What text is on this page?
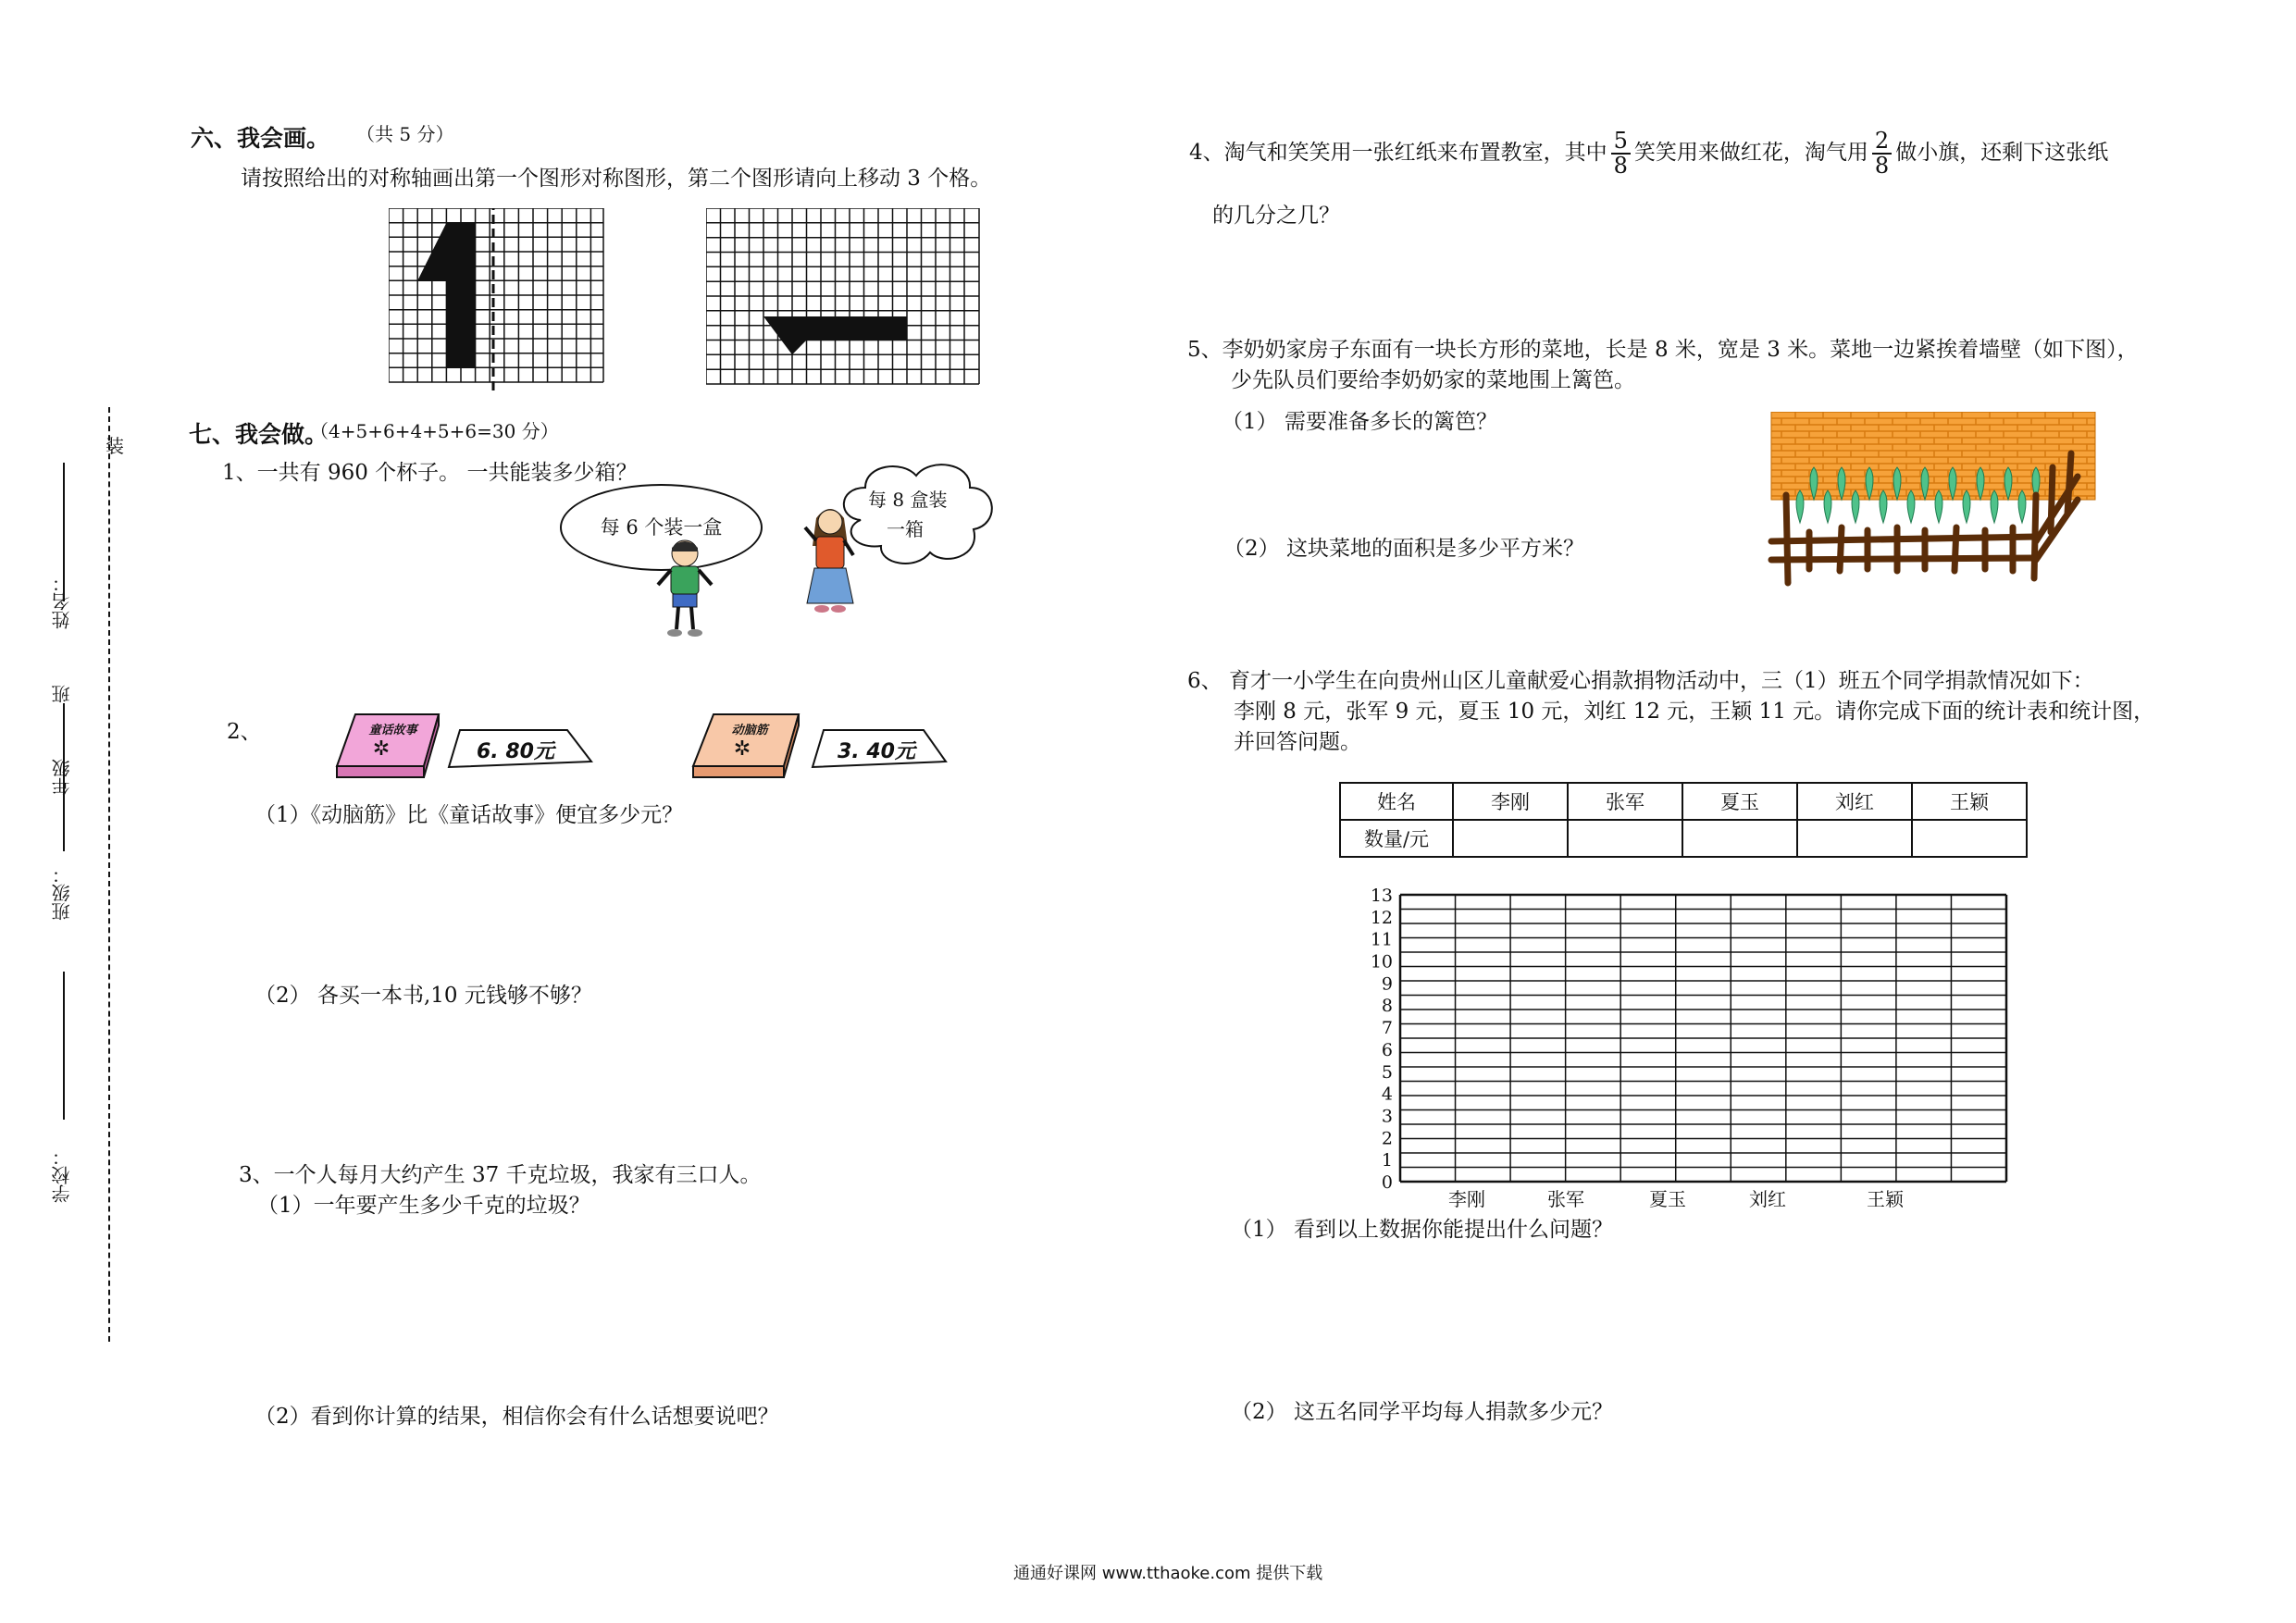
装
姓名：
班
年级
班级：
学校：
六、我会画。 （共 5 分）
请按照给出的对称轴画出第一个图形对称图形，第二个图形请向上移动 3 个格。
七、我会做。
（4+5+6+4+5+6=30 分）
1、一共有 960 个杯子。 一共能装多少箱？
每 6 个装一盒
每 8 盒装
一箱
2、
✲
童话故事
6. 80元	✲
动脑筋
3. 40元
（1）《动脑筋》比《童话故事》便宜多少元？
（2） 各买一本书,10 元钱够不够？
3、一个人每月大约产生 37 千克垃圾，我家有三口人。
（1）一年要产生多少千克的垃圾？
（2）看到你计算的结果，相信你会有什么话想要说吧？
4、淘气和笑笑用一张红纸来布置教室，其中 $\frac{5}{8}$ 笑笑用来做红花，淘气用 $\frac{2}{8}$ 做小旗，还剩下这张纸
的几分之几？
5、李奶奶家房子东面有一块长方形的菜地，长是 8 米，宽是 3 米。菜地一边紧挨着墙壁（如下图），
少先队员们要给李奶奶家的菜地围上篱笆。
（1） 需要准备多长的篱笆？
（2） 这块菜地的面积是多少平方米？
6、 育才一小学生在向贵州山区儿童献爱心捐款捐物活动中，三（1）班五个同学捐款情况如下：
李刚 8 元，张军 9 元，夏玉 10 元，刘红 12 元，王颖 11 元。请你完成下面的统计表和统计图，
并回答问题。
姓名	李刚	张军	夏玉	刘红	王颖
数量/元					
0
1
2
3
4
5
6
7
8
9
10
11
12
13
李刚	张军	夏玉	刘红	王颖
（1） 看到以上数据你能提出什么问题？
（2） 这五名同学平均每人捐款多少元？
通通好课网 www.tthaoke.com 提供下载
